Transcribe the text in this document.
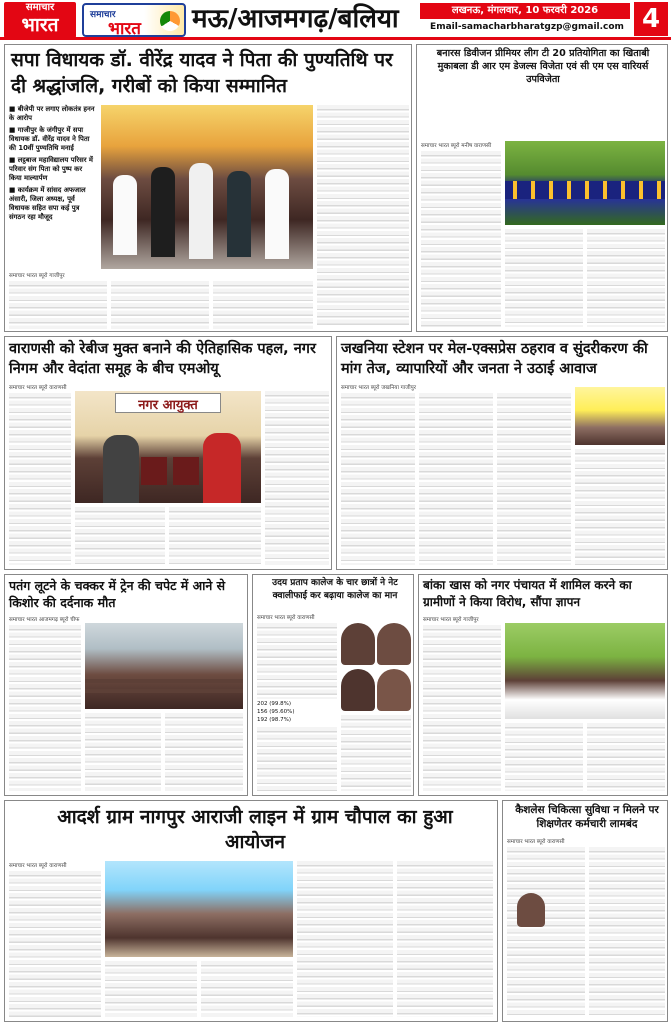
समाचार
भारत	समाचार
भारत मऊ/आजमगढ़/बलिया	लखनऊ, मंगलवार, 10 फरवरी 2026
Email-samacharbharatgzp@gmail.com 4
सपा विधायक डॉ. वीरेंद्र यादव ने पिता की पुण्यतिथि पर दी श्रद्धांजलि, गरीबों को किया सम्मानित
■ बीजेपी पर लगाए लोकतंत्र हनन के आरोप
■ गाजीपुर के जंगीपुर में सपा विधायक डॉ. वीरेंद्र यादव ने पिता की 10वीं पुण्यतिथि मनाई
■ लट्ठबाज महाविद्यालय परिसर में परिवार संग पिता को पुष्प कर किया माल्यार्पण
■ कार्यक्रम में सांसद अफजाल अंसारी, जिला अध्यक्ष, पूर्व विधायक सहित सपा कई पुत्र संगठन रहा मौजूद
समाचार भारत ब्यूरो गाजीपुर
बनारस डिवीजन प्रीमियर लीग टी 20 प्रतियोगिता का खिताबी मुकाबला डी आर एम डेजल्स विजेता एवं सी एम एस वारियर्स उपविजेता
समाचार भारत ब्यूरो मनीष वाराणसी
वाराणसी को रेबीज मुक्त बनाने की ऐतिहासिक पहल, नगर निगम और वेदांता समूह के बीच एमओयू
समाचार भारत ब्यूरो वाराणसी
नगर आयुक्त
जखनिया स्टेशन पर मेल-एक्सप्रेस ठहराव व सुंदरीकरण की मांग तेज, व्यापारियों और जनता ने उठाई आवाज
समाचार भारत ब्यूरो जखनिया गाजीपुर
पतंग लूटने के चक्कर में ट्रेन की चपेट में आने से किशोर की दर्दनाक मौत
समाचार भारत आजमगढ़ ब्यूरो चीफ
उदय प्रताप कालेज के चार छात्रों ने नेट क्वालीफाई कर बढ़ाया कालेज का मान
समाचार भारत ब्यूरो वाराणसी
202 (99.8%)
156 (95.60%)
192 (98.7%)
बांका खास को नगर पंचायत में शामिल करने का ग्रामीणों ने किया विरोध, सौंपा ज्ञापन
समाचार भारत ब्यूरो गाजीपुर
आदर्श ग्राम नागपुर आराजी लाइन में ग्राम चौपाल का हुआ आयोजन
समाचार भारत ब्यूरो वाराणसी
कैशलेस चिकित्सा सुविधा न मिलने पर शिक्षणेतर कर्मचारी लामबंद
समाचार भारत ब्यूरो वाराणसी
